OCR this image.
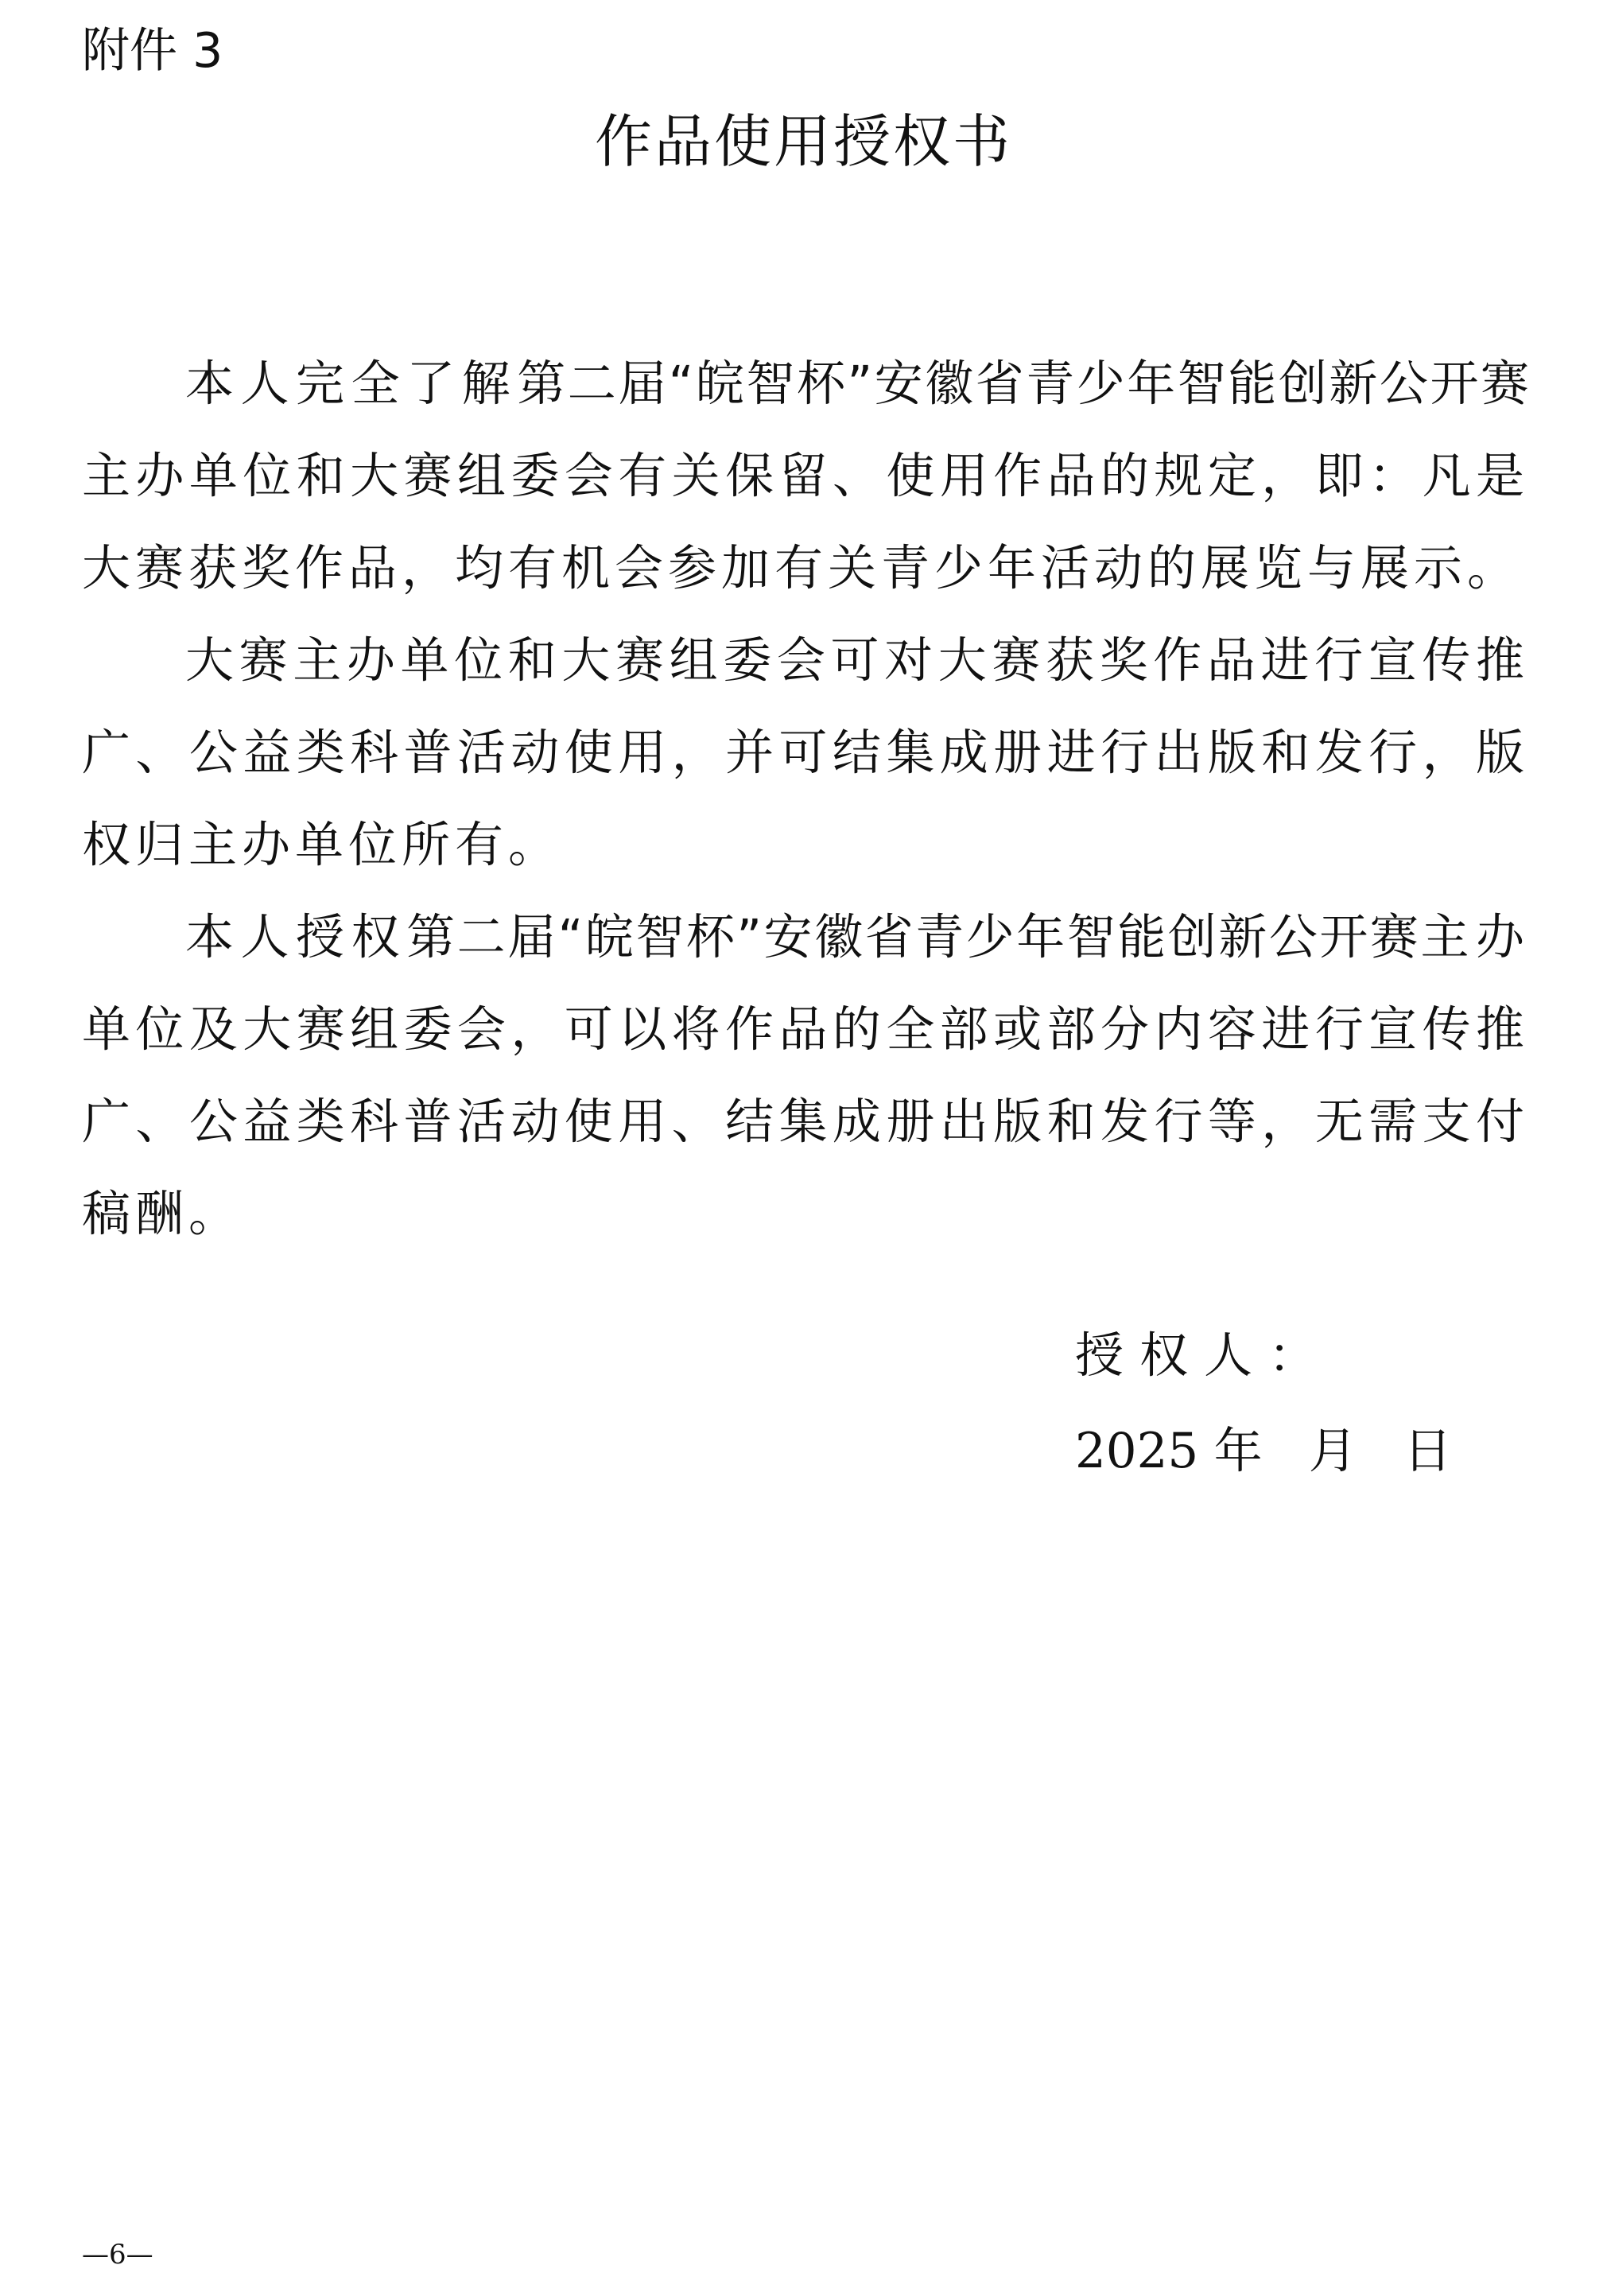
附件 3
作品使用授权书

本人完全了解第二届“皖智杯”安徽省青少年智能创新公开赛主办单位和大赛组委会有关保留、使用作品的规定，即：凡是大赛获奖作品，均有机会参加有关青少年活动的展览与展示。

大赛主办单位和大赛组委会可对大赛获奖作品进行宣传推广、公益类科普活动使用，并可结集成册进行出版和发行，版权归主办单位所有。

本人授权第二届“皖智杯”安徽省青少年智能创新公开赛主办单位及大赛组委会，可以将作品的全部或部分内容进行宣传推广、公益类科普活动使用、结集成册出版和发行等，无需支付稿酬。

授权人：
2025 年   月   日
—6—
